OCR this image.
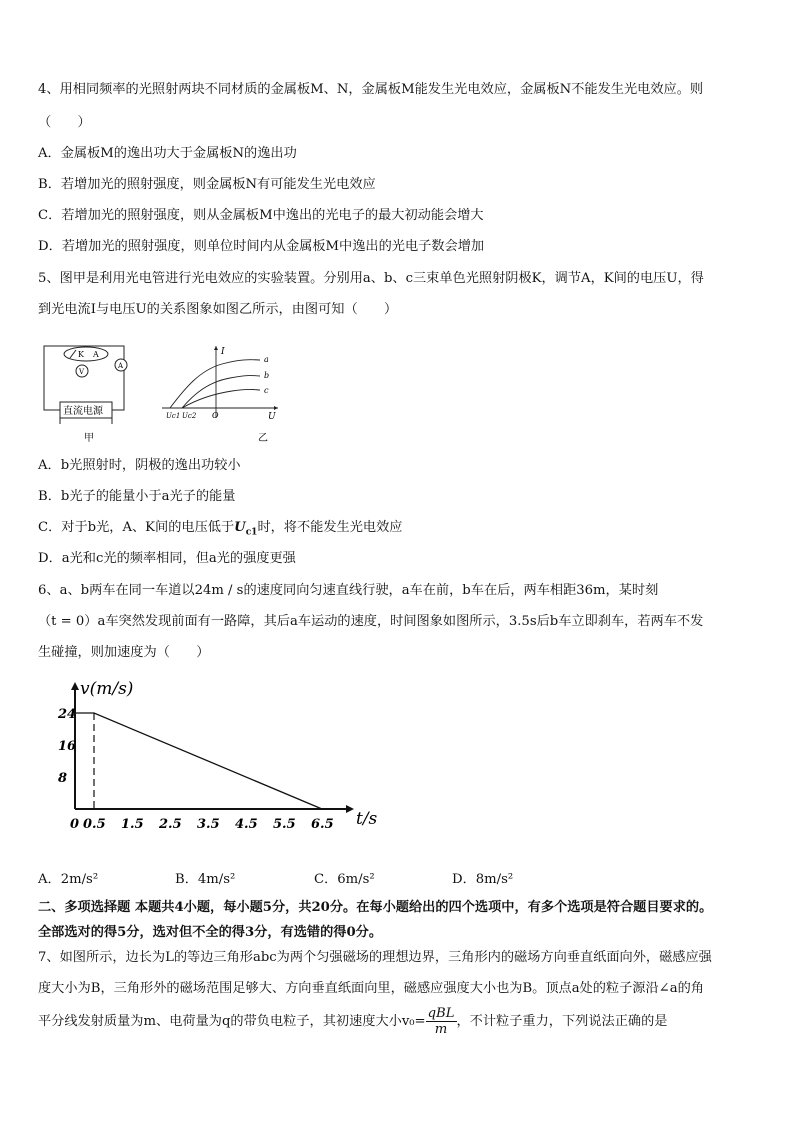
4、用相同频率的光照射两块不同材质的金属板M、N，金属板M能发生光电效应，金属板N不能发生光电效应。则
（　　）
A．金属板M的逸出功大于金属板N的逸出功
B．若增加光的照射强度，则金属板N有可能发生光电效应
C．若增加光的照射强度，则从金属板M中逸出的光电子的最大初动能会增大
D．若增加光的照射强度，则单位时间内从金属板M中逸出的光电子数会增加
5、图甲是利用光电管进行光电效应的实验装置。分别用a、b、c三束单色光照射阴极K，调节A，K间的电压U，得
到光电流I与电压U的关系图象如图乙所示，由图可知（　　）
K A
V
A
直流电源
甲
I
a
b
c
Uc1 Uc2 O	U
乙
A．b光照射时，阴极的逸出功较小
B．b光子的能量小于a光子的能量
C．对于b光，A、K间的电压低于$U_{c1}$时，将不能发生光电效应
D．a光和c光的频率相同，但a光的强度更强
6、a、b两车在同一车道以24m / s的速度同向匀速直线行驶，a车在前，b车在后，两车相距36m，某时刻
（t = 0）a车突然发现前面有一路障，其后a车运动的速度，时间图象如图所示，3.5s后b车立即刹车，若两车不发
生碰撞，则加速度为（　　）
24
16
8
0 0.5 1.5 2.5 3.5 4.5 5.5 6.5
v(m/s)
t/s
A．2m/s²	B．4m/s²	C．6m/s²	D．8m/s²
二、多项选择题 本题共4小题，每小题5分，共20分。在每小题给出的四个选项中，有多个选项是符合题目要求的。
全部选对的得5分，选对但不全的得3分，有选错的得0分。
7、如图所示，边长为L的等边三角形abc为两个匀强磁场的理想边界，三角形内的磁场方向垂直纸面向外，磁感应强
度大小为B，三角形外的磁场范围足够大、方向垂直纸面向里，磁感应强度大小也为B。顶点a处的粒子源沿∠a的角
平分线发射质量为m、电荷量为q的带负电粒子，其初速度大小$v_0= \frac{\text{qBL}}{m}$ ，不计粒子重力，下列说法正确的是
